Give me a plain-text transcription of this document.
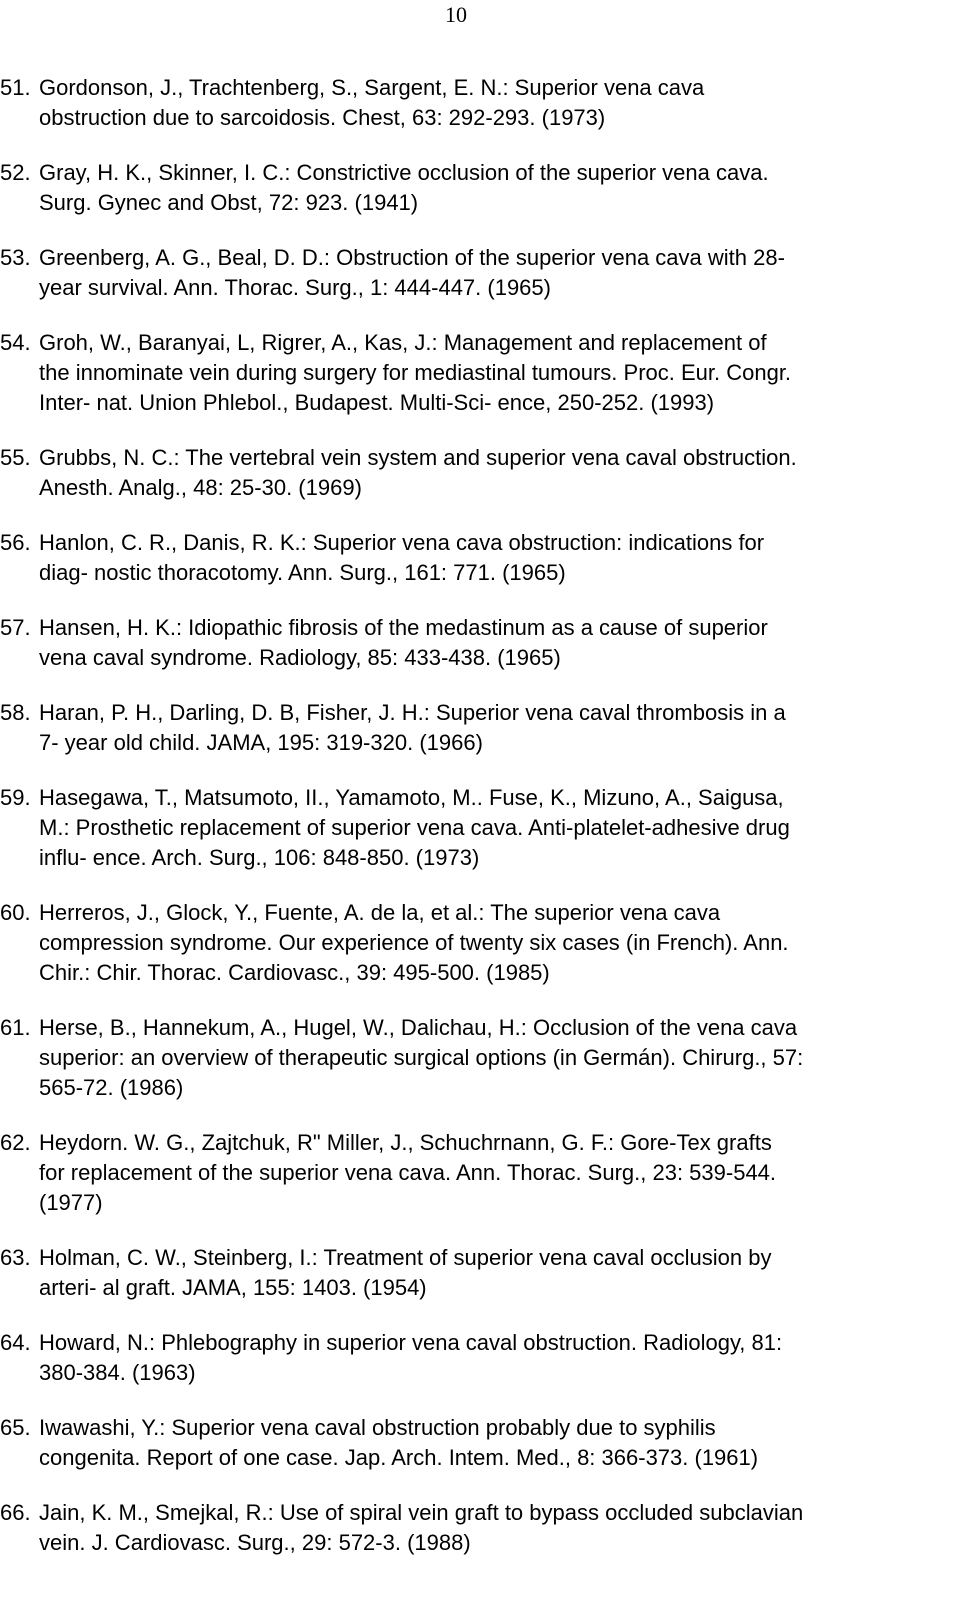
10
51. Gordonson, J., Trachtenberg, S., Sargent, E. N.: Superior vena cava
obstruction due to sarcoidosis. Chest, 63: 292-293. (1973)
52. Gray, H. K., Skinner, I. C.: Constrictive occlusion of the superior vena cava.
Surg. Gynec and Obst, 72: 923. (1941)
53. Greenberg, A. G., Beal, D. D.: Obstruction of the superior vena cava with 28-
year survival. Ann. Thorac. Surg., 1: 444-447. (1965)
54. Groh, W., Baranyai, L, Rigrer, A., Kas, J.: Management and replacement of
the innominate vein during surgery for mediastinal tumours. Proc. Eur. Congr.
Inter- nat. Union Phlebol., Budapest. Multi-Sci- ence, 250-252. (1993)
55. Grubbs, N. C.: The vertebral vein system and superior vena caval obstruction.
Anesth. Analg., 48: 25-30. (1969)
56. Hanlon, C. R., Danis, R. K.: Superior vena cava obstruction: indications for
diag- nostic thoracotomy. Ann. Surg., 161: 771. (1965)
57. Hansen, H. K.: Idiopathic fibrosis of the medastinum as a cause of superior
vena caval syndrome. Radiology, 85: 433-438. (1965)
58. Haran, P. H., Darling, D. B, Fisher, J. H.: Superior vena caval thrombosis in a
7- year old child. JAMA, 195: 319-320. (1966)
59. Hasegawa, T., Matsumoto, II., Yamamoto, M.. Fuse, K., Mizuno, A., Saigusa,
M.: Prosthetic replacement of superior vena cava. Anti-platelet-adhesive drug
influ- ence. Arch. Surg., 106: 848-850. (1973)
60. Herreros, J., Glock, Y., Fuente, A. de la, et al.: The superior vena cava
compression syndrome. Our experience of twenty six cases (in French). Ann.
Chir.: Chir. Thorac. Cardiovasc., 39: 495-500. (1985)
61. Herse, B., Hannekum, A., Hugel, W., Dalichau, H.: Occlusion of the vena cava
superior: an overview of therapeutic surgical options (in Germán). Chirurg., 57:
565-72. (1986)
62. Heydorn. W. G., Zajtchuk, R" Miller, J., Schuchrnann, G. F.: Gore-Tex grafts
for replacement of the superior vena cava. Ann. Thorac. Surg., 23: 539-544.
(1977)
63. Holman, C. W., Steinberg, I.: Treatment of superior vena caval occlusion by
arteri- al graft. JAMA, 155: 1403. (1954)
64. Howard, N.: Phlebography in superior vena caval obstruction. Radiology, 81:
380-384. (1963)
65. Iwawashi, Y.: Superior vena caval obstruction probably due to syphilis
congenita. Report of one case. Jap. Arch. Intem. Med., 8: 366-373. (1961)
66. Jain, K. M., Smejkal, R.: Use of spiral vein graft to bypass occluded subclavian
vein. J. Cardiovasc. Surg., 29: 572-3. (1988)
